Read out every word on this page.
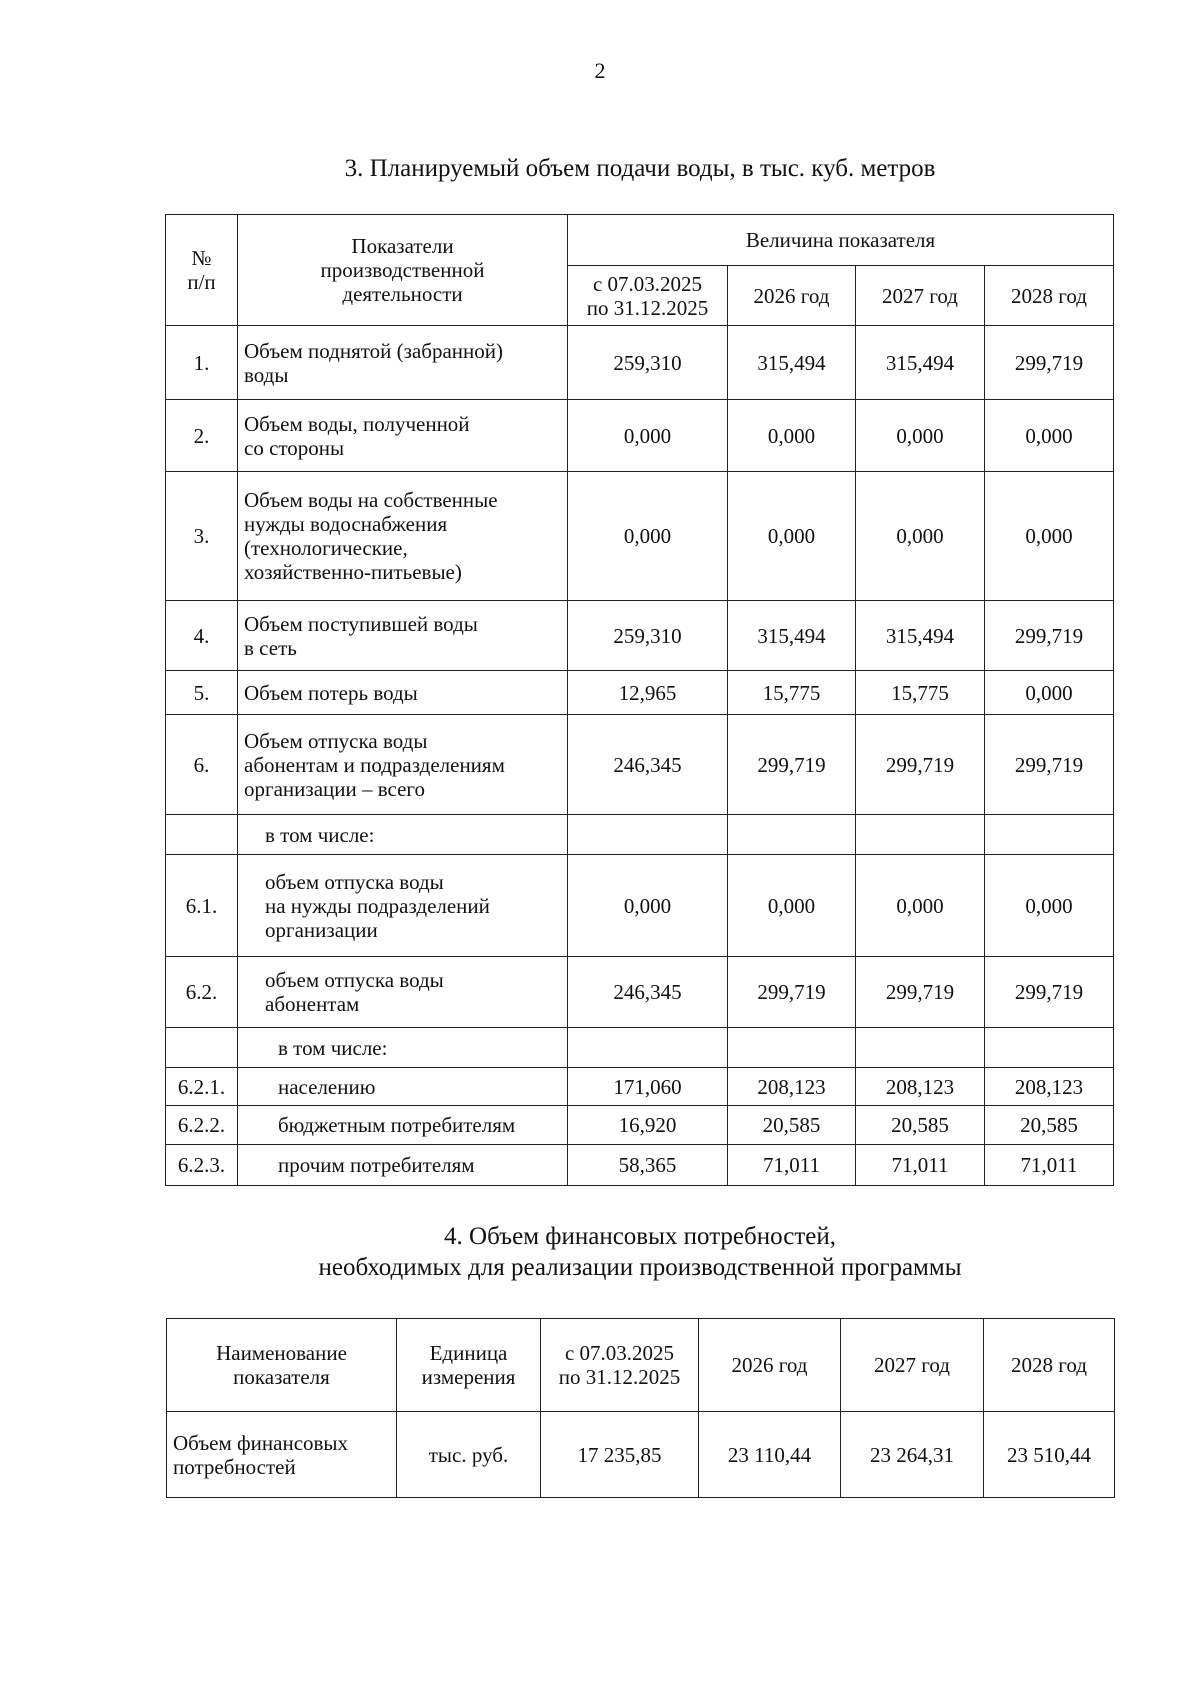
2
3. Планируемый объем подачи воды, в тыс. куб. метров
№
п/п	Показатели
производственной
деятельности	Величина показателя			
		с 07.03.2025
по 31.12.2025	2026 год	2027 год	2028 год
1.	Объем поднятой (забранной)
воды	259,310	315,494	315,494	299,719
2.	Объем воды, полученной
со стороны	0,000	0,000	0,000	0,000
3.	Объем воды на собственные
нужды водоснабжения
(технологические,
хозяйственно-питьевые)	0,000	0,000	0,000	0,000
4.	Объем поступившей воды
в сеть	259,310	315,494	315,494	299,719
5.	Объем потерь воды	12,965	15,775	15,775	0,000
6.	Объем отпуска воды
абонентам и подразделениям
организации – всего	246,345	299,719	299,719	299,719
	в том числе:				
6.1.	объем отпуска воды
на нужды подразделений
организации	0,000	0,000	0,000	0,000
6.2.	объем отпуска воды
абонентам	246,345	299,719	299,719	299,719
	в том числе:				
6.2.1.	населению	171,060	208,123	208,123	208,123
6.2.2.	бюджетным потребителям	16,920	20,585	20,585	20,585
6.2.3.	прочим потребителям	58,365	71,011	71,011	71,011
4. Объем финансовых потребностей,
необходимых для реализации производственной программы
Наименование
показателя	Единица
измерения	с 07.03.2025
по 31.12.2025	2026 год	2027 год	2028 год
Объем финансовых
потребностей	тыс. руб.	17 235,85	23 110,44	23 264,31	23 510,44
